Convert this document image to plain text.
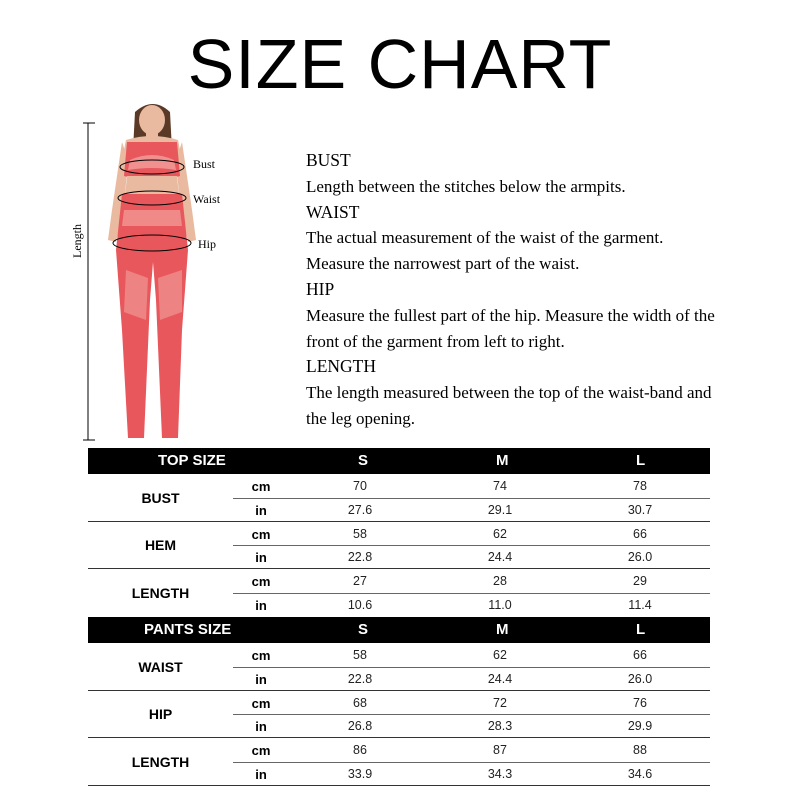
SIZE CHART
Bust
Waist
Hip
Length
BUST
Length between the stitches below the armpits.
WAIST
The actual measurement of the waist of the garment. Measure the narrowest part of the waist.
HIP
Measure the fullest part of the hip. Measure the width of the front of the garment from left to right.
LENGTH
The length measured between the top of the waist-band and the leg opening.
TOP SIZE	S	M	L
BUST
cm	70	74	78
in	27.6	29.1	30.7
HEM
cm	58	62	66
in	22.8	24.4	26.0
LENGTH
cm	27	28	29
in	10.6	11.0	11.4
PANTS SIZE	S	M	L
WAIST
cm	58	62	66
in	22.8	24.4	26.0
HIP
cm	68	72	76
in	26.8	28.3	29.9
LENGTH
cm	86	87	88
in	33.9	34.3	34.6
